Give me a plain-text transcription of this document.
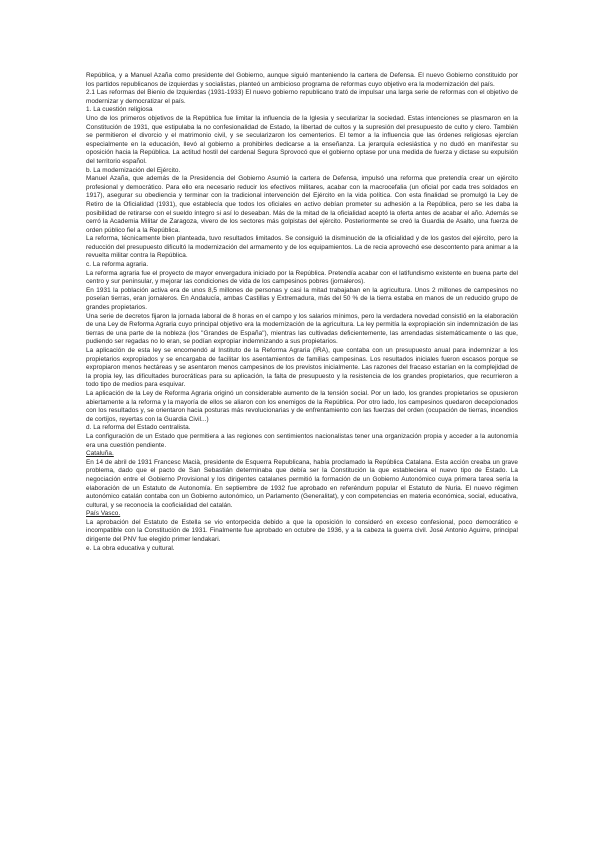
República, y a Manuel Azaña como presidente del Gobierno, aunque siguió manteniendo la cartera de Defensa. El nuevo Gobierno constituido por los partidos republicanos de izquierdas y socialistas, planteó un ambicioso programa de reformas cuyo objetivo era la modernización del país.

2.1 Las reformas del Bienio de Izquierdas (1931-1933) El nuevo gobierno republicano trató de impulsar una larga serie de reformas con el objetivo de modernizar y democratizar el país.

1. La cuestión religiosa

Uno de los primeros objetivos de la República fue limitar la influencia de la Iglesia y secularizar la sociedad. Estas intenciones se plasmaron en la Constitución de 1931, que estipulaba la no confesionalidad de Estado, la libertad de cultos y la supresión del presupuesto de culto y clero. También se permitieron el divorcio y el matrimonio civil, y se secularizaron los cementerios. El temor a la influencia que las órdenes religiosas ejercían especialmente en la educación, llevó al gobierno a prohibirles dedicarse a la enseñanza. La jerarquía eclesiástica y no dudó en manifestar su oposición hacia la República. La actitud hostil del cardenal Segura Sprovocó que el gobierno optase por una medida de fuerza y dictase su expulsión del territorio español.

b. La modernización del Ejército.

Manuel Azaña, que además de la Presidencia del Gobierno Asumió la cartera de Defensa, impulsó una reforma que pretendía crear un ejército profesional y democrático. Para ello era necesario reducir los efectivos militares, acabar con la macrocefalia (un oficial por cada tres soldados en 1917), asegurar su obediencia y terminar con la tradicional intervención del Ejército en la vida política. Con esta finalidad se promulgó la Ley de Retiro de la Oficialidad (1931), que establecía que todos los oficiales en activo debían prometer su adhesión a la República, pero se les daba la posibilidad de retirarse con el sueldo íntegro si así lo deseaban. Más de la mitad de la oficialidad aceptó la oferta antes de acabar el año. Además se cerró la Academia Militar de Zaragoza, vivero de los sectores más golpistas del ejército. Posteriormente se creó la Guardia de Asalto, una fuerza de orden público fiel a la República.

La reforma, técnicamente bien planteada, tuvo resultados limitados. Se consiguió la disminución de la oficialidad y de los gastos del ejército, pero la reducción del presupuesto dificultó la modernización del armamento y de los equipamientos. La de recia aprovechó ese descontento para animar a la revuelta militar contra la República.

c. La reforma agraria.

La reforma agraria fue el proyecto de mayor envergadura iniciado por la República. Pretendía acabar con el latifundismo existente en buena parte del centro y sur peninsular, y mejorar las condiciones de vida de los campesinos pobres (jornaleros).

En 1931 la población activa era de unos 8,5 millones de personas y casi la mitad trabajaban en la agricultura. Unos 2 millones de campesinos no poseían tierras, eran jornaleros. En Andalucía, ambas Castillas y Extremadura, más del 50 % de la tierra estaba en manos de un reducido grupo de grandes propietarios.

Una serie de decretos fijaron la jornada laboral de 8 horas en el campo y los salarios mínimos, pero la verdadera novedad consistió en la elaboración de una Ley de Reforma Agraria cuyo principal objetivo era la modernización de la agricultura. La ley permitía la expropiación sin indemnización de las tierras de una parte de la nobleza (los "Grandes de España"), mientras las cultivadas deficientemente, las arrendadas sistemáticamente o las que, pudiendo ser regadas no lo eran, se podían expropiar indemnizando a sus propietarios.

La aplicación de esta ley se encomendó al Instituto de la Reforma Agraria (IRA), que contaba con un presupuesto anual para indemnizar a los propietarios expropiados y se encargaba de facilitar los asentamientos de familias campesinas. Los resultados iniciales fueron escasos porque se expropiaron menos hectáreas y se asentaron menos campesinos de los previstos inicialmente. Las razones del fracaso estarían en la complejidad de la propia ley, las dificultades burocráticas para su aplicación, la falta de presupuesto y la resistencia de los grandes propietarios, que recurrieron a todo tipo de medios para esquivar.

La aplicación de la Ley de Reforma Agraria originó un considerable aumento de la tensión social. Por un lado, los grandes propietarios se opusieron abiertamente a la reforma y la mayoría de ellos se aliaron con los enemigos de la República. Por otro lado, los campesinos quedaron decepcionados con los resultados y, se orientaron hacia posturas más revolucionarias y de enfrentamiento con las fuerzas del orden (ocupación de tierras, incendios de cortijos, reyertas con la Guardia Civil...)

d. La reforma del Estado centralista.

La configuración de un Estado que permitiera a las regiones con sentimientos nacionalistas tener una organización propia y acceder a la autonomía era una cuestión pendiente.

Cataluña.

En 14 de abril de 1931 Francesc Macià, presidente de Esquerra Republicana, había proclamado la República Catalana. Esta acción creaba un grave problema, dado que el pacto de San Sebastián determinaba que debía ser la Constitución la que estableciera el nuevo tipo de Estado. La negociación entre el Gobierno Provisional y los dirigentes catalanes permitió la formación de un Gobierno Autonómico cuya primera tarea sería la elaboración de un Estatuto de Autonomía. En septiembre de 1932 fue aprobado en referéndum popular el Estatuto de Nuria. El nuevo régimen autonómico catalán contaba con un Gobierno autonómico, un Parlamento (Generalitat), y con competencias en materia económica, social, educativa, cultural, y se reconocía la cooficialidad del catalán.

País Vasco.

La aprobación del Estatuto de Estella se vio entorpecida debido a que la oposición lo consideró en exceso confesional, poco democrático e incompatible con la Constitución de 1931. Finalmente fue aprobado en octubre de 1936, y a la cabeza la guerra civil. José Antonio Aguirre, principal dirigente del PNV fue elegido primer lendakari.

e. La obra educativa y cultural.
